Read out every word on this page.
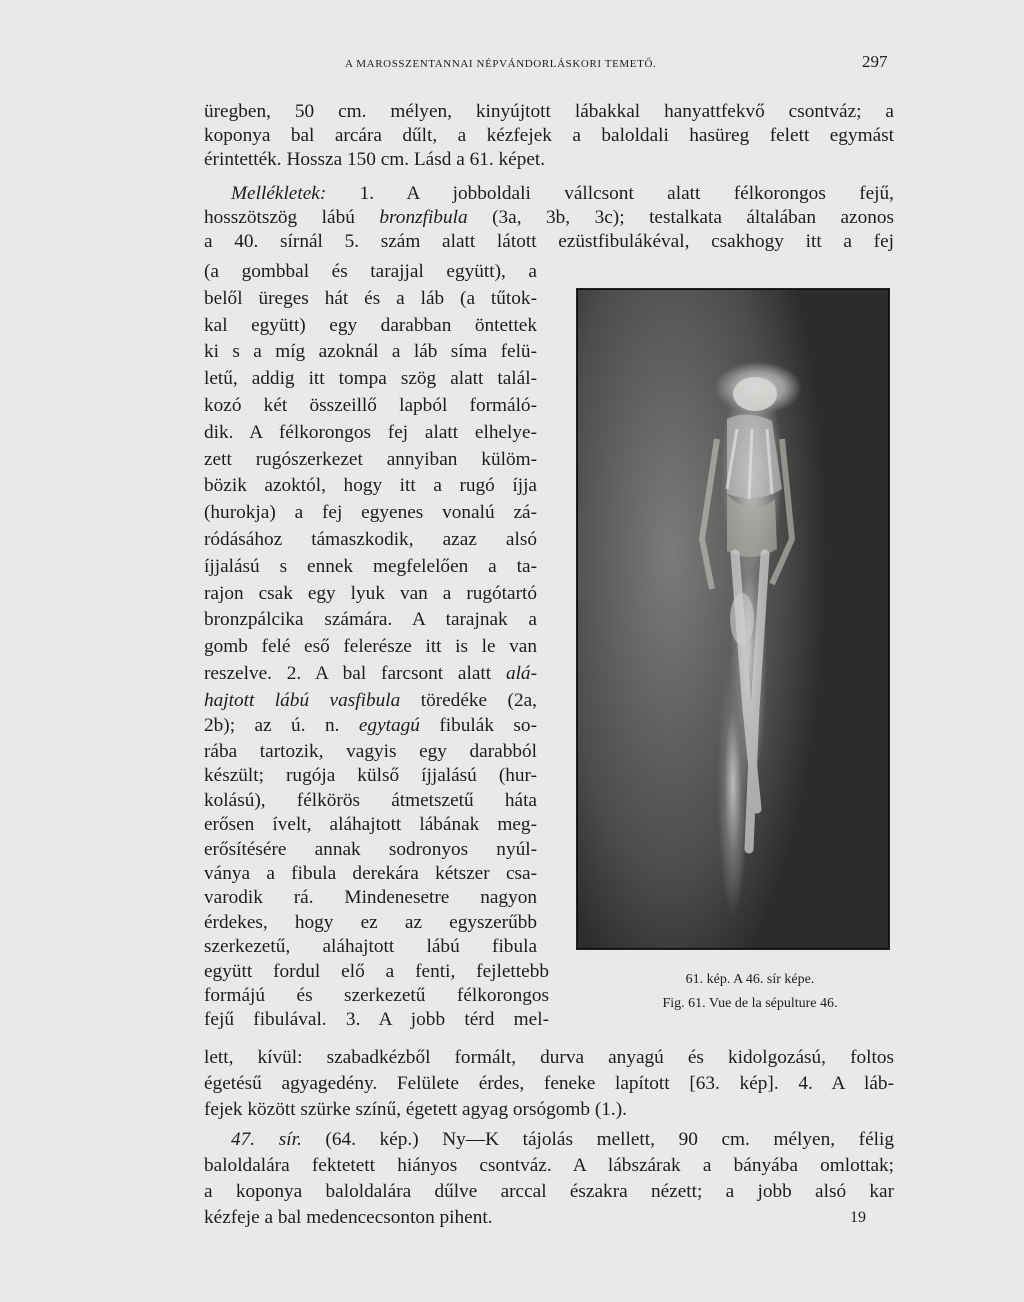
A MAROSSZENTANNAI NÉPVÁNDORLÁSKORI TEMETŐ.	297
üregben, 50 cm. mélyen, kinyújtott lábakkal hanyattfekvő csontváz; a
koponya bal arcára dűlt, a kézfejek a baloldali hasüreg felett egymást
érintették. Hossza 150 cm. Lásd a 61. képet.
Mellékletek: 1. A jobboldali vállcsont alatt félkorongos fejű,
hosszötszög lábú bronzfibula (3a, 3b, 3c); testalkata általában azonos
a 40. sírnál 5. szám alatt látott ezüstfibulákéval, csakhogy itt a fej
(a gombbal és tarajjal együtt), a
belől üreges hát és a láb (a tűtok-
kal együtt) egy darabban öntettek
ki s a míg azoknál a láb síma felü-
letű, addig itt tompa szög alatt talál-
kozó két összeillő lapból formáló-
dik. A félkorongos fej alatt elhelye-
zett rugószerkezet annyiban külöm-
bözik azoktól, hogy itt a rugó íjja
(hurokja) a fej egyenes vonalú zá-
ródásához támaszkodik, azaz alsó
íjjalású s ennek megfelelően a ta-
rajon csak egy lyuk van a rugótartó
bronzpálcika számára. A tarajnak a
gomb felé eső felerésze itt is le van
reszelve. 2. A bal farcsont alatt alá-
hajtott lábú vasfibula töredéke (2a,
2b); az ú. n. egytagú fibulák so-
rába tartozik, vagyis egy darabból
készült; rugója külső íjjalású (hur-
kolású), félkörös átmetszetű háta
erősen ívelt, aláhajtott lábának meg-
erősítésére annak sodronyos nyúl-
ványa a fibula derekára kétszer csa-
varodik rá. Mindenesetre nagyon
érdekes, hogy ez az egyszerűbb
szerkezetű, aláhajtott lábú fibula
együtt fordul elő a fenti, fejlettebb
formájú és szerkezetű félkorongos
fejű fibulával. 3. A jobb térd mel-
61. kép. A 46. sír képe.
Fig. 61. Vue de la sépulture 46.
lett, kívül: szabadkézből formált, durva anyagú és kidolgozású, foltos
égetésű agyagedény. Felülete érdes, feneke lapított [63. kép]. 4. A láb-
fejek között szürke színű, égetett agyag orsógomb (1.).
47. sír. (64. kép.) Ny—K tájolás mellett, 90 cm. mélyen, félig
baloldalára fektetett hiányos csontváz. A lábszárak a bányába omlottak;
a koponya baloldalára dűlve arccal északra nézett; a jobb alsó kar
kézfeje a bal medencecsonton pihent.	19
